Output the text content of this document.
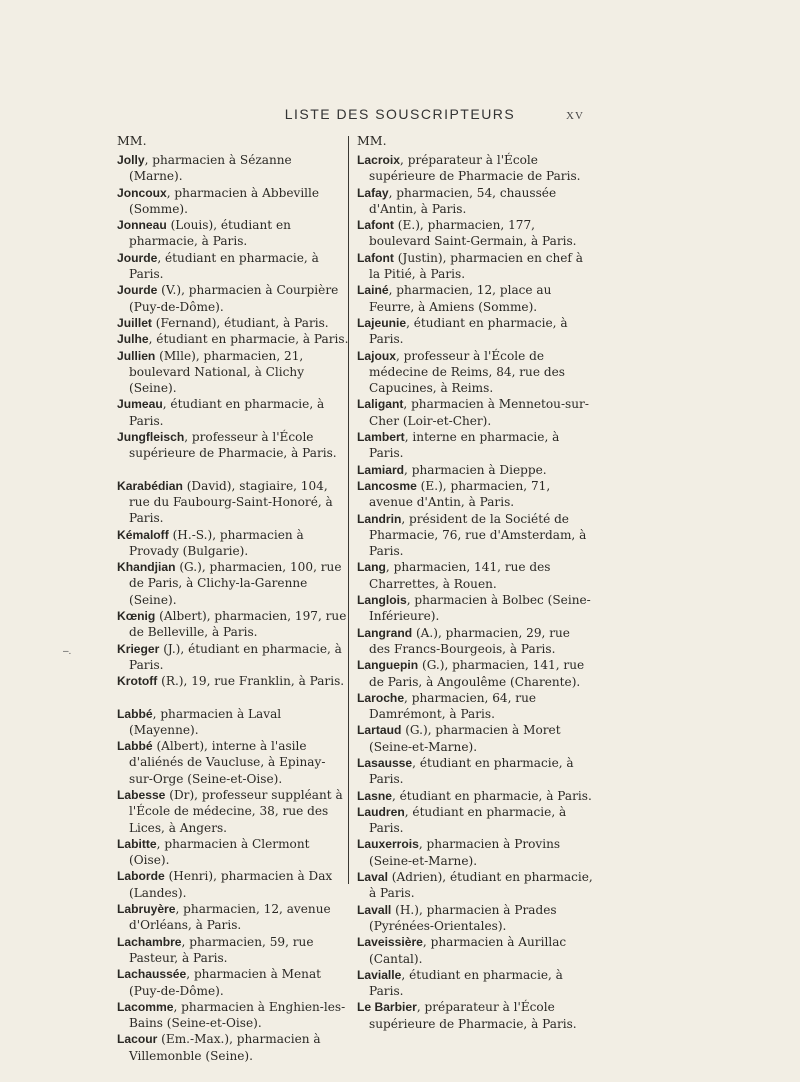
LISTE DES SOUSCRIPTEURS	XV
–.
MM.
Jolly, pharmacien à Sézanne (Marne).
Joncoux, pharmacien à Abbeville (Somme).
Jonneau (Louis), étudiant en pharmacie, à Paris.
Jourde, étudiant en pharmacie, à Paris.
Jourde (V.), pharmacien à Courpière (Puy-de-Dôme).
Juillet (Fernand), étudiant, à Paris.
Julhe, étudiant en pharmacie, à Paris.
Jullien (Mlle), pharmacien, 21, boulevard National, à Clichy (Seine).
Jumeau, étudiant en pharmacie, à Paris.
Jungfleisch, professeur à l'École supérieure de Pharmacie, à Paris.
Karabédian (David), stagiaire, 104, rue du Faubourg-Saint-Honoré, à Paris.
Kémaloff (H.-S.), pharmacien à Provady (Bulgarie).
Khandjian (G.), pharmacien, 100, rue de Paris, à Clichy-la-Garenne (Seine).
Kœnig (Albert), pharmacien, 197, rue de Belleville, à Paris.
Krieger (J.), étudiant en pharmacie, à Paris.
Krotoff (R.), 19, rue Franklin, à Paris.
Labbé, pharmacien à Laval (Mayenne).
Labbé (Albert), interne à l'asile d'aliénés de Vaucluse, à Epinay-sur-Orge (Seine-et-Oise).
Labesse (Dr), professeur suppléant à l'École de médecine, 38, rue des Lices, à Angers.
Labitte, pharmacien à Clermont (Oise).
Laborde (Henri), pharmacien à Dax (Landes).
Labruyère, pharmacien, 12, avenue d'Orléans, à Paris.
Lachambre, pharmacien, 59, rue Pasteur, à Paris.
Lachaussée, pharmacien à Menat (Puy-de-Dôme).
Lacomme, pharmacien à Enghien-les-Bains (Seine-et-Oise).
Lacour (Em.-Max.), pharmacien à Villemonble (Seine).
MM.
Lacroix, préparateur à l'École supérieure de Pharmacie de Paris.
Lafay, pharmacien, 54, chaussée d'Antin, à Paris.
Lafont (E.), pharmacien, 177, boulevard Saint-Germain, à Paris.
Lafont (Justin), pharmacien en chef à la Pitié, à Paris.
Lainé, pharmacien, 12, place au Feurre, à Amiens (Somme).
Lajeunie, étudiant en pharmacie, à Paris.
Lajoux, professeur à l'École de médecine de Reims, 84, rue des Capucines, à Reims.
Laligant, pharmacien à Mennetou-sur-Cher (Loir-et-Cher).
Lambert, interne en pharmacie, à Paris.
Lamiard, pharmacien à Dieppe.
Lancosme (E.), pharmacien, 71, avenue d'Antin, à Paris.
Landrin, président de la Société de Pharmacie, 76, rue d'Amsterdam, à Paris.
Lang, pharmacien, 141, rue des Charrettes, à Rouen.
Langlois, pharmacien à Bolbec (Seine-Inférieure).
Langrand (A.), pharmacien, 29, rue des Francs-Bourgeois, à Paris.
Languepin (G.), pharmacien, 141, rue de Paris, à Angoulême (Charente).
Laroche, pharmacien, 64, rue Damrémont, à Paris.
Lartaud (G.), pharmacien à Moret (Seine-et-Marne).
Lasausse, étudiant en pharmacie, à Paris.
Lasne, étudiant en pharmacie, à Paris.
Laudren, étudiant en pharmacie, à Paris.
Lauxerrois, pharmacien à Provins (Seine-et-Marne).
Laval (Adrien), étudiant en pharmacie, à Paris.
Lavall (H.), pharmacien à Prades (Pyrénées-Orientales).
Laveissière, pharmacien à Aurillac (Cantal).
Lavialle, étudiant en pharmacie, à Paris.
Le Barbier, préparateur à l'École supérieure de Pharmacie, à Paris.
